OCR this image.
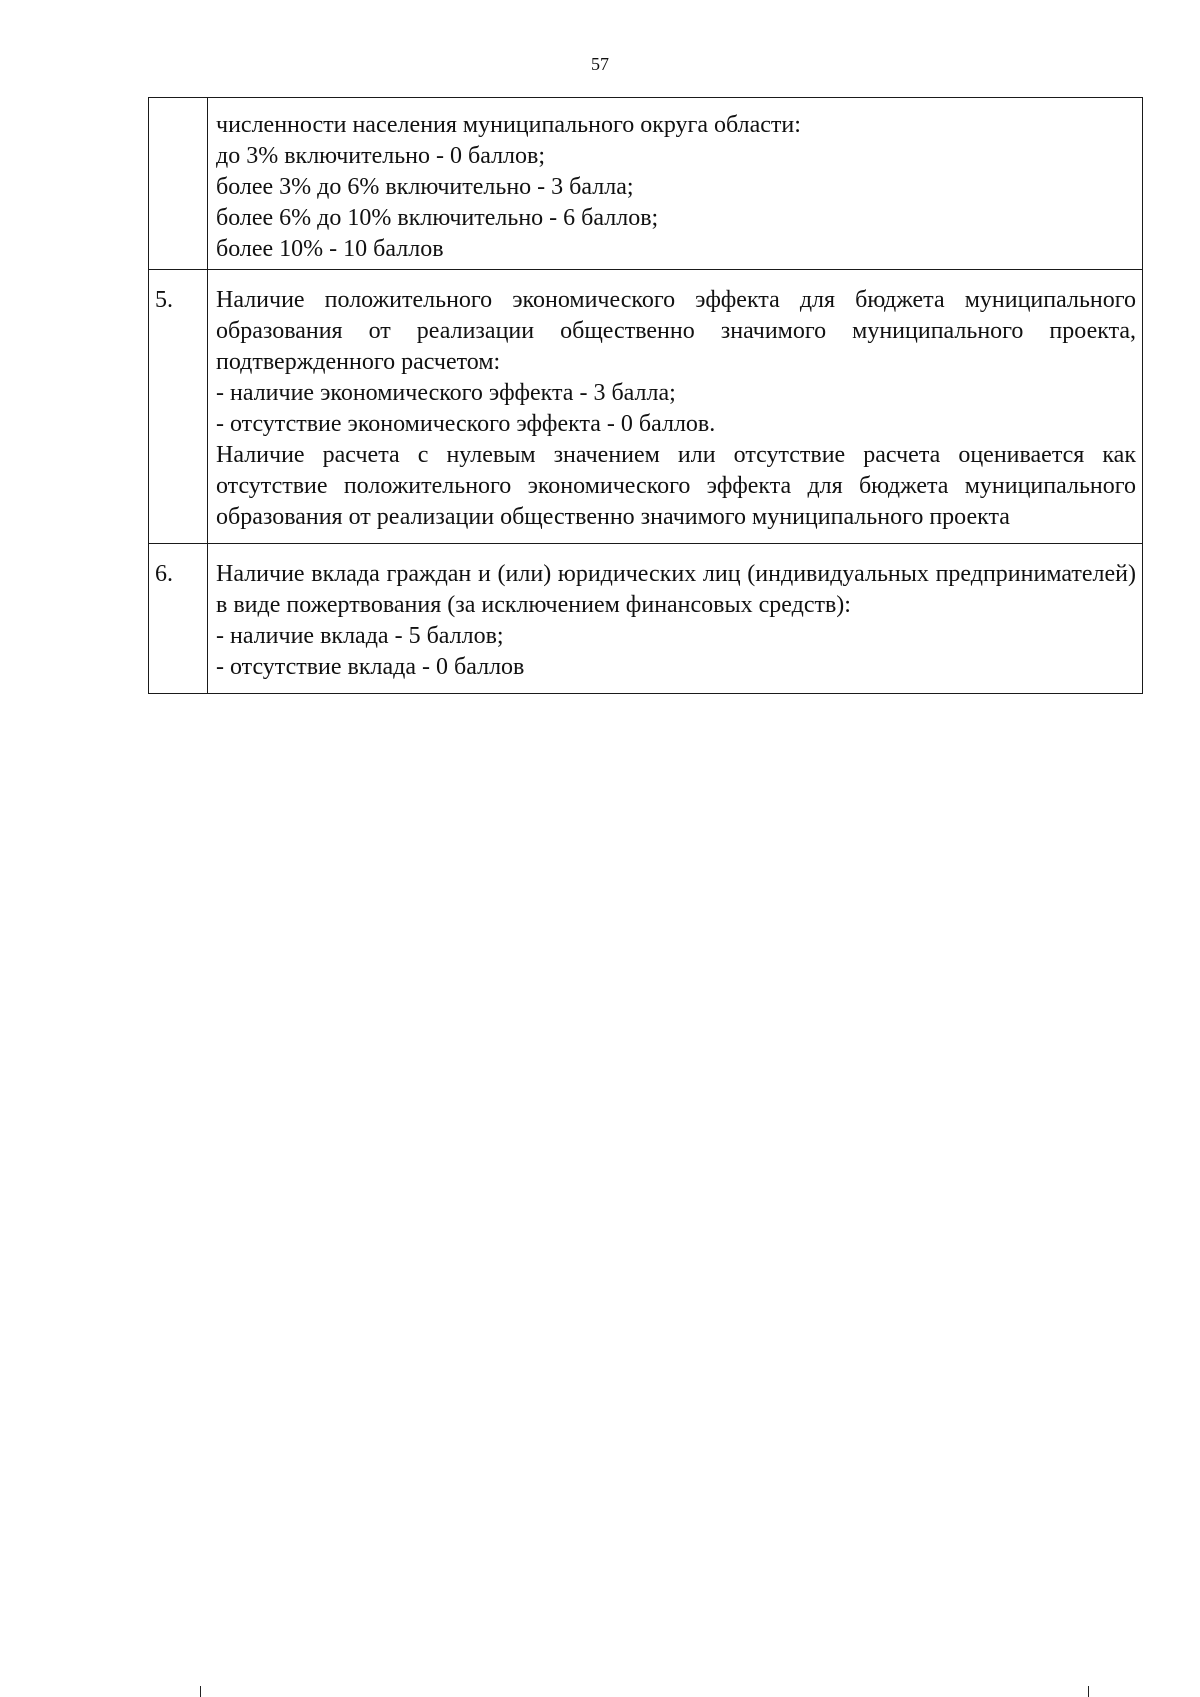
57

	численности населения муниципального округа области:
до 3% включительно - 0 баллов;
более 3% до 6% включительно - 3 балла;
более 6% до 10% включительно - 6 баллов;
более 10% - 10 баллов

5.	Наличие положительного экономического эффекта для бюджета муниципального образования от реализации общественно значимого муниципального проекта, подтвержденного расчетом:
- наличие экономического эффекта - 3 балла;
- отсутствие экономического эффекта - 0 баллов.
Наличие расчета с нулевым значением или отсутствие расчета оценивается как отсутствие положительного экономического эффекта для бюджета муниципального образования от реализации общественно значимого муниципального проекта

6.	Наличие вклада граждан и (или) юридических лиц (индивидуальных предпринимателей) в виде пожертвования (за исключением финансовых средств):
- наличие вклада - 5 баллов;
- отсутствие вклада - 0 баллов
